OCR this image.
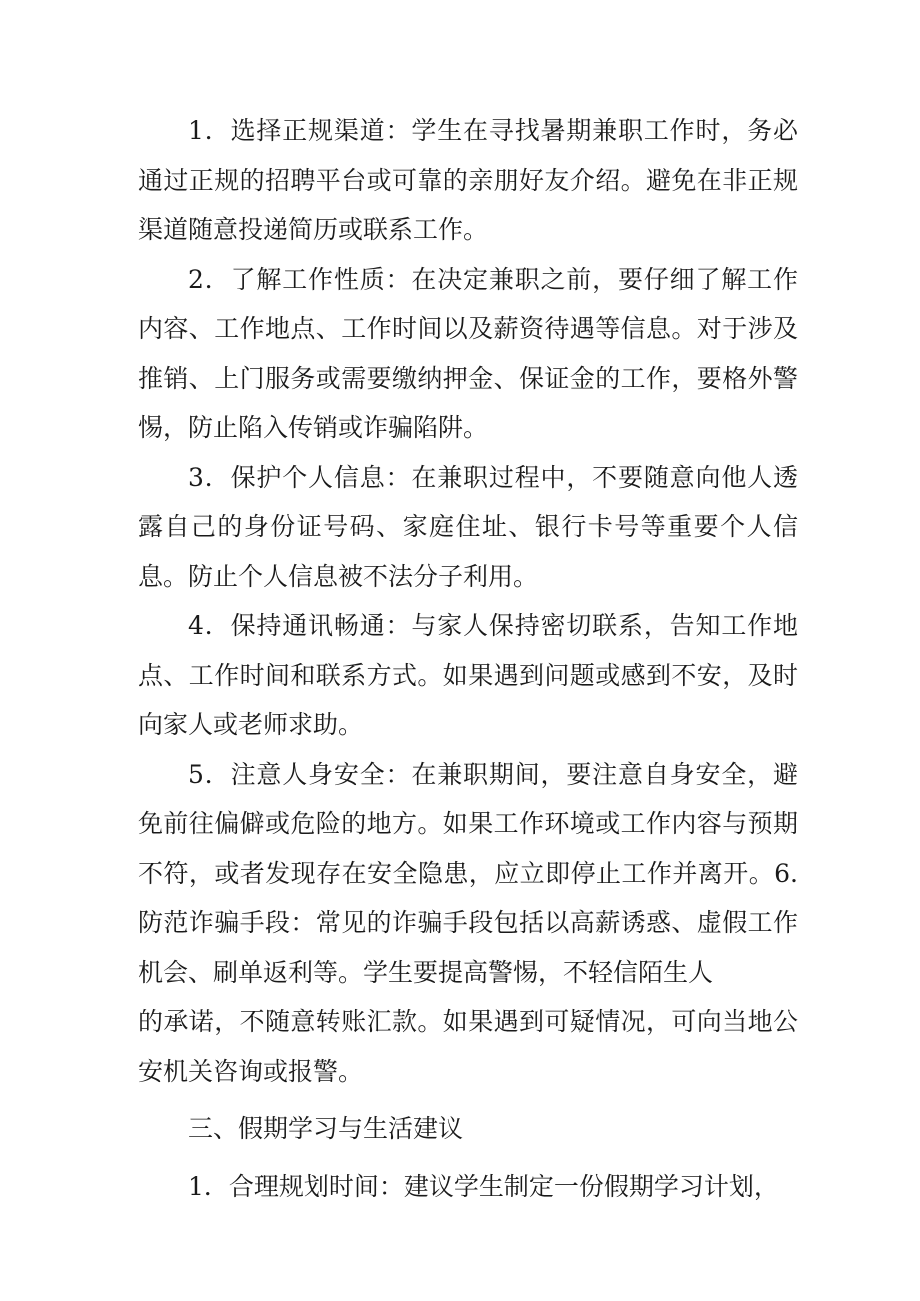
1．选择正规渠道：学生在寻找暑期兼职工作时，务必通过正规的招聘平台或可靠的亲朋好友介绍。避免在非正规渠道随意投递简历或联系工作。

2．了解工作性质：在决定兼职之前，要仔细了解工作内容、工作地点、工作时间以及薪资待遇等信息。对于涉及推销、上门服务或需要缴纳押金、保证金的工作，要格外警惕，防止陷入传销或诈骗陷阱。

3．保护个人信息：在兼职过程中，不要随意向他人透露自己的身份证号码、家庭住址、银行卡号等重要个人信息。防止个人信息被不法分子利用。

4．保持通讯畅通：与家人保持密切联系，告知工作地点、工作时间和联系方式。如果遇到问题或感到不安，及时向家人或老师求助。

5．注意人身安全：在兼职期间，要注意自身安全，避免前往偏僻或危险的地方。如果工作环境或工作内容与预期不符，或者发现存在安全隐患，应立即停止工作并离开。6.防范诈骗手段：常见的诈骗手段包括以高薪诱惑、虚假工作机会、刷单返利等。学生要提高警惕，不轻信陌生人

的承诺，不随意转账汇款。如果遇到可疑情况，可向当地公安机关咨询或报警。

三、假期学习与生活建议

1．合理规划时间：建议学生制定一份假期学习计划，
